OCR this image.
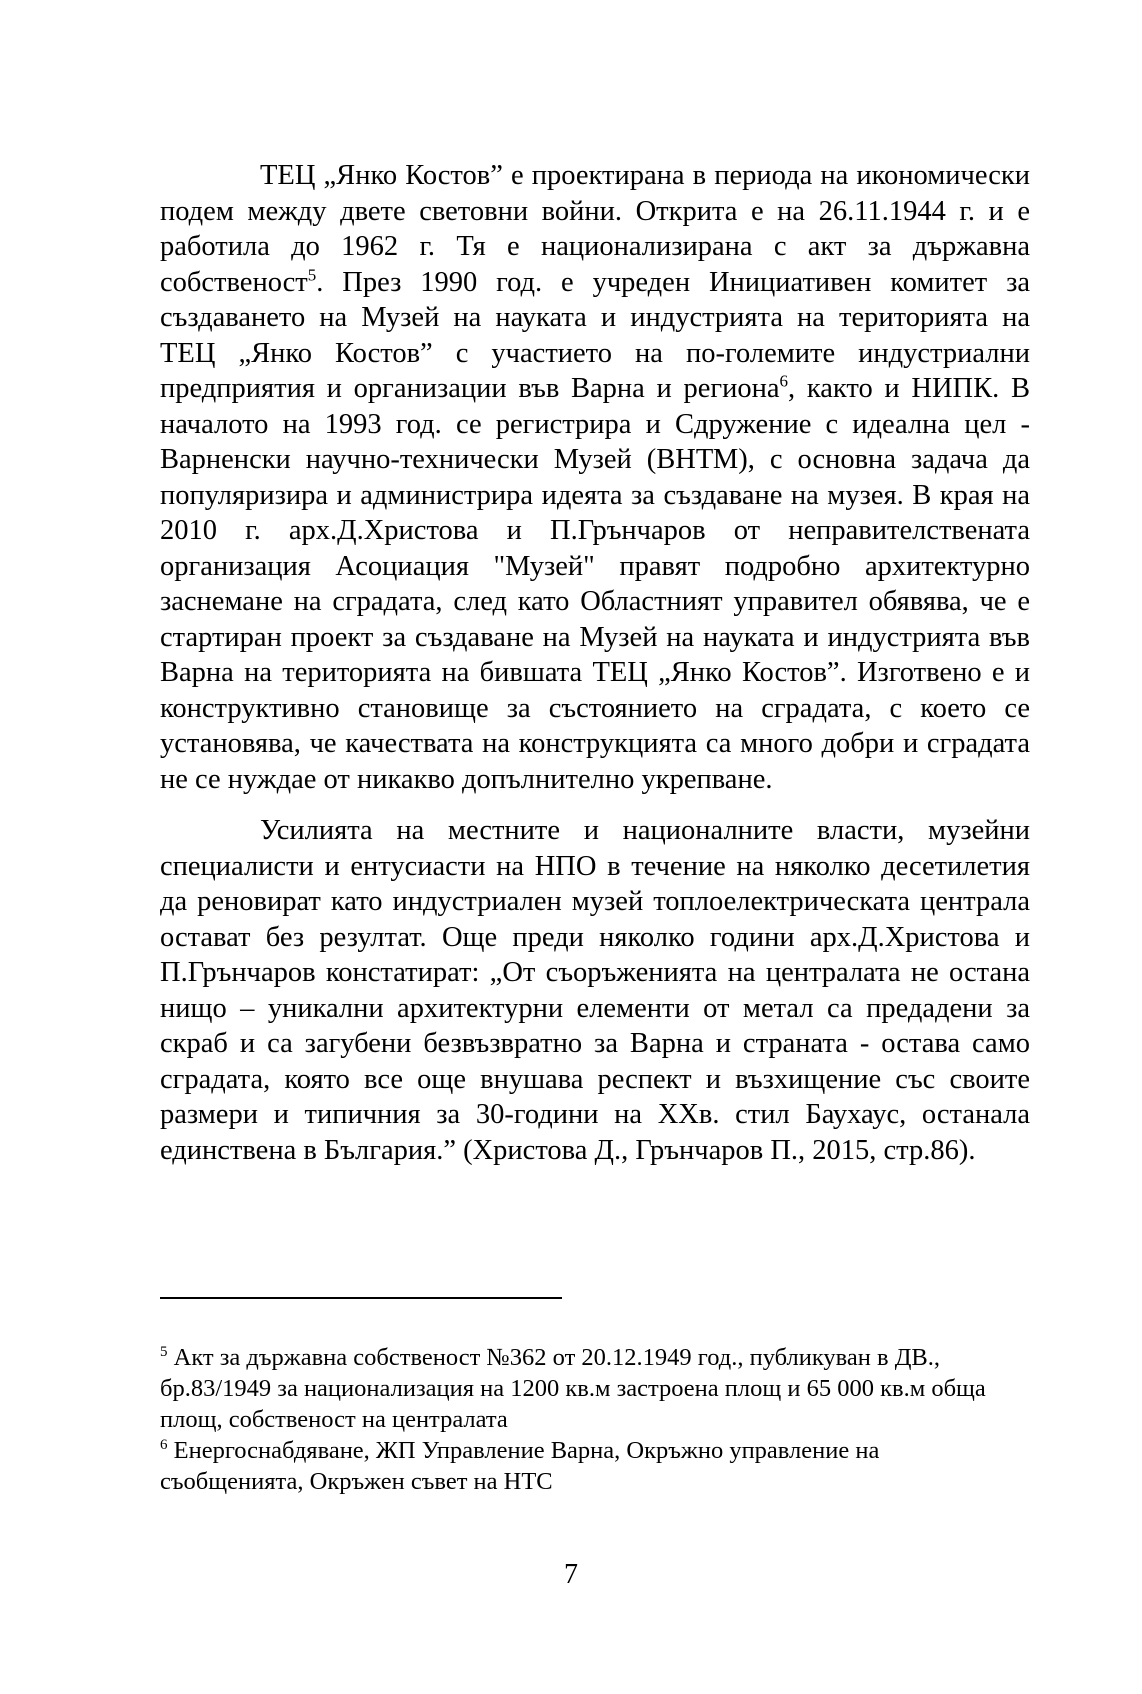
ТЕЦ „Янко Костов” е проектирана в периода на икономически подем между двете световни войни. Открита е на 26.11.1944 г. и е работила до 1962 г. Тя е национализирана с акт за държавна собственост$^5$. През 1990 год. е учреден Инициативен комитет за създаването на Музей на науката и индустрията на територията на ТЕЦ „Янко Костов” с участието на по-големите индустриални предприятия и организации във Варна и региона$^6$, както и НИПК. В началото на 1993 год. се регистрира и Сдружение с идеална цел - Варненски научно-технически Музей (ВНТМ), с основна задача да популяризира и администрира идеята за създаване на музея. В края на 2010 г. арх.Д.Христова и П.Грънчаров от неправителствената организация Асоциация "Музей" правят подробно архитектурно заснемане на сградата, след като Областният управител обявява, че е стартиран проект за създаване на Музей на науката и индустрията във Варна на територията на бившата ТЕЦ „Янко Костов”. Изготвено е и конструктивно становище за състоянието на сградата, с което се установява, че качествата на конструкцията са много добри и сградата не се нуждае от никакво допълнително укрепване.

Усилията на местните и националните власти, музейни специалисти и ентусиасти на НПО в течение на няколко десетилетия да реновират като индустриален музей топлоелектрическата централа остават без резултат. Още преди няколко години арх.Д.Христова и П.Грънчаров констатират: „От съоръженията на централата не остана нищо – уникални архитектурни елементи от метал са предадени за скраб и са загубени безвъзвратно за Варна и страната - остава само сградата, която все още внушава респект и възхищение със своите размери и типичния за 30-години на ХХв. стил Баухаус, останала единствена в България.” (Христова Д., Грънчаров П., 2015, стр.86).

$^5$ Акт за държавна собственост №362 от 20.12.1949 год., публикуван в ДВ., бр.83/1949 за национализация на 1200 кв.м застроена площ и 65 000 кв.м обща площ, собственост на централата

$^6$ Енергоснабдяване, ЖП Управление Варна, Окръжно управление на съобщенията, Окръжен съвет на НТС

7
